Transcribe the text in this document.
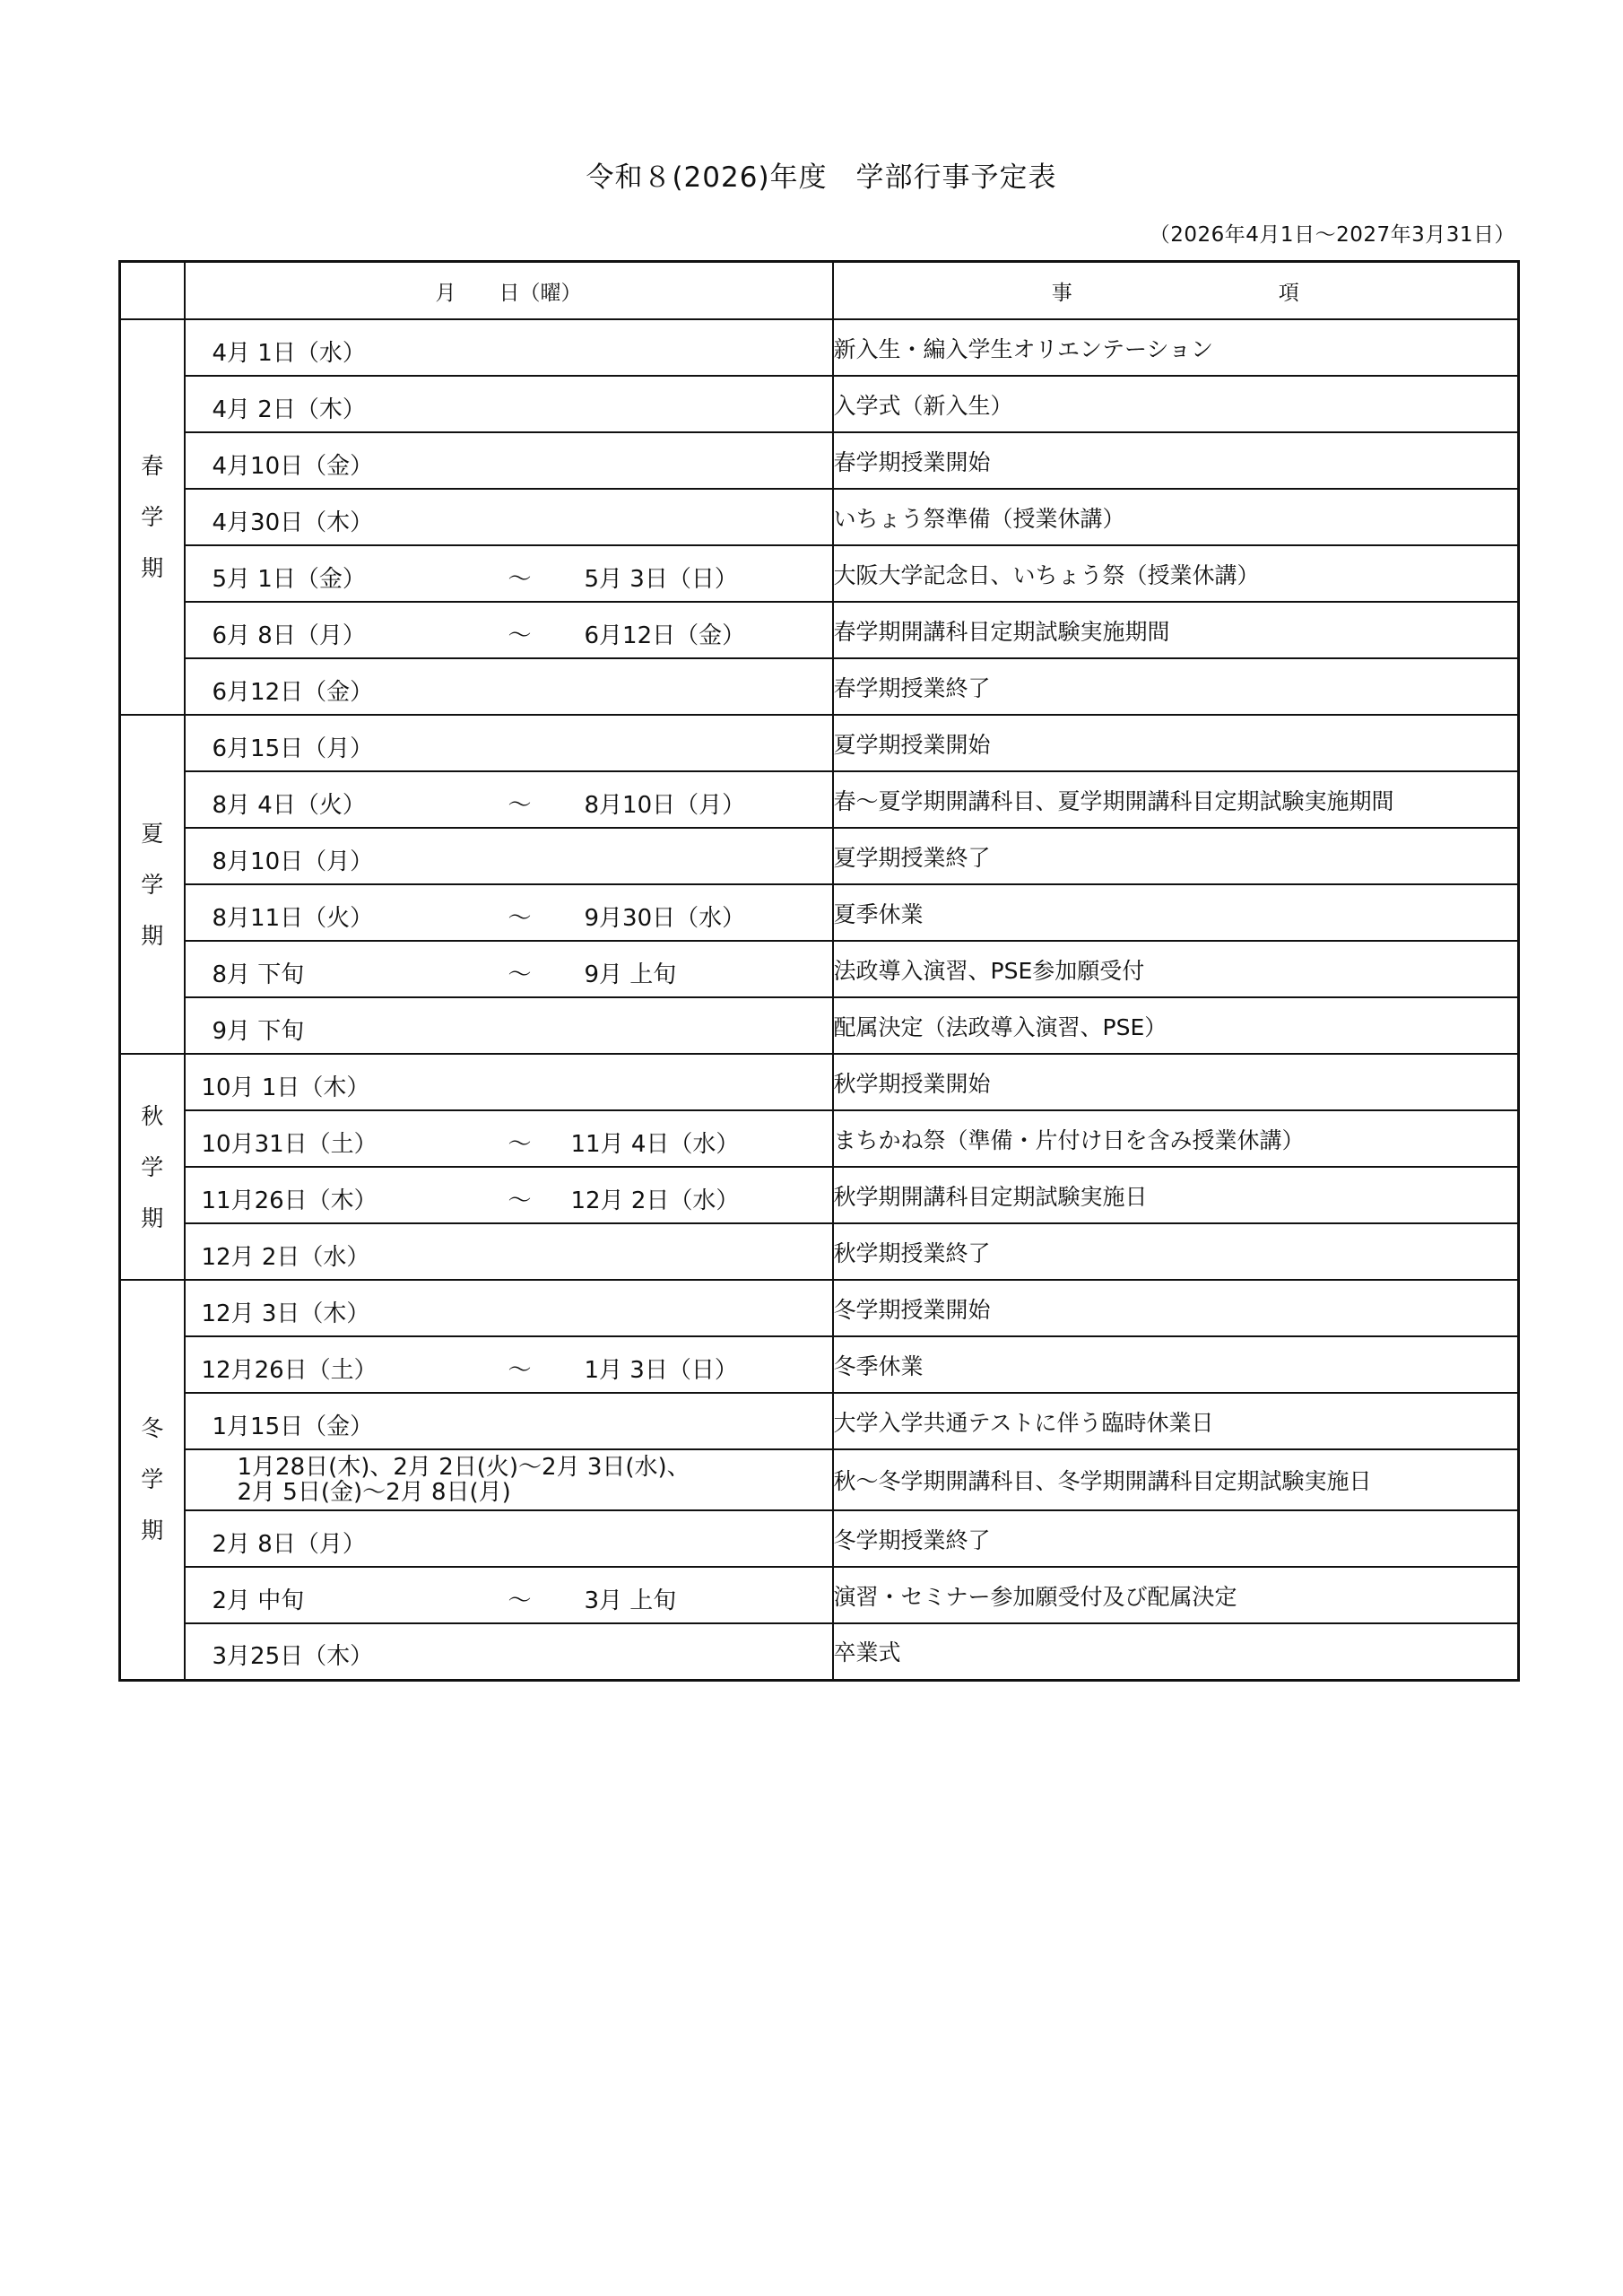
令和８(2026)年度　学部行事予定表
（2026年4月1日～2027年3月31日）
	月 日（曜）	事 項
春
学
期	4月 1日（水）	新入生・編入学生オリエンテーション

	4月 2日（木）	入学式（新入生）

	4月10日（金）	春学期授業開始

	4月30日（木）	いちょう祭準備（授業休講）

	5月 1日（金） ～ 5月 3日（日）	大阪大学記念日、いちょう祭（授業休講）

	6月 8日（月） ～ 6月12日（金）	春学期開講科目定期試験実施期間

	6月12日（金）	春学期授業終了
夏
学
期	6月15日（月）	夏学期授業開始

	8月 4日（火） ～ 8月10日（月）	春～夏学期開講科目、夏学期開講科目定期試験実施期間

	8月10日（月）	夏学期授業終了

	8月11日（火） ～ 9月30日（水）	夏季休業

	8月 下旬 ～ 9月 上旬	法政導入演習、PSE参加願受付

	9月 下旬	配属決定（法政導入演習、PSE）
秋
学
期	10月 1日（木）	秋学期授業開始

	10月31日（土） ～ 11月 4日（水）	まちかね祭（準備・片付け日を含み授業休講）

	11月26日（木） ～ 12月 2日（水）	秋学期開講科目定期試験実施日

	12月 2日（水）	秋学期授業終了
冬
学
期	12月 3日（木）	冬学期授業開始

	12月26日（土） ～ 1月 3日（日）	冬季休業

	1月15日（金）	大学入学共通テストに伴う臨時休業日

	1月28日(木)、2月 2日(火)～2月 3日(水)、
2月 5日(金)～2月 8日(月)	秋～冬学期開講科目、冬学期開講科目定期試験実施日

	2月 8日（月）	冬学期授業終了

	2月 中旬 ～ 3月 上旬	演習・セミナー参加願受付及び配属決定

	3月25日（木）	卒業式
